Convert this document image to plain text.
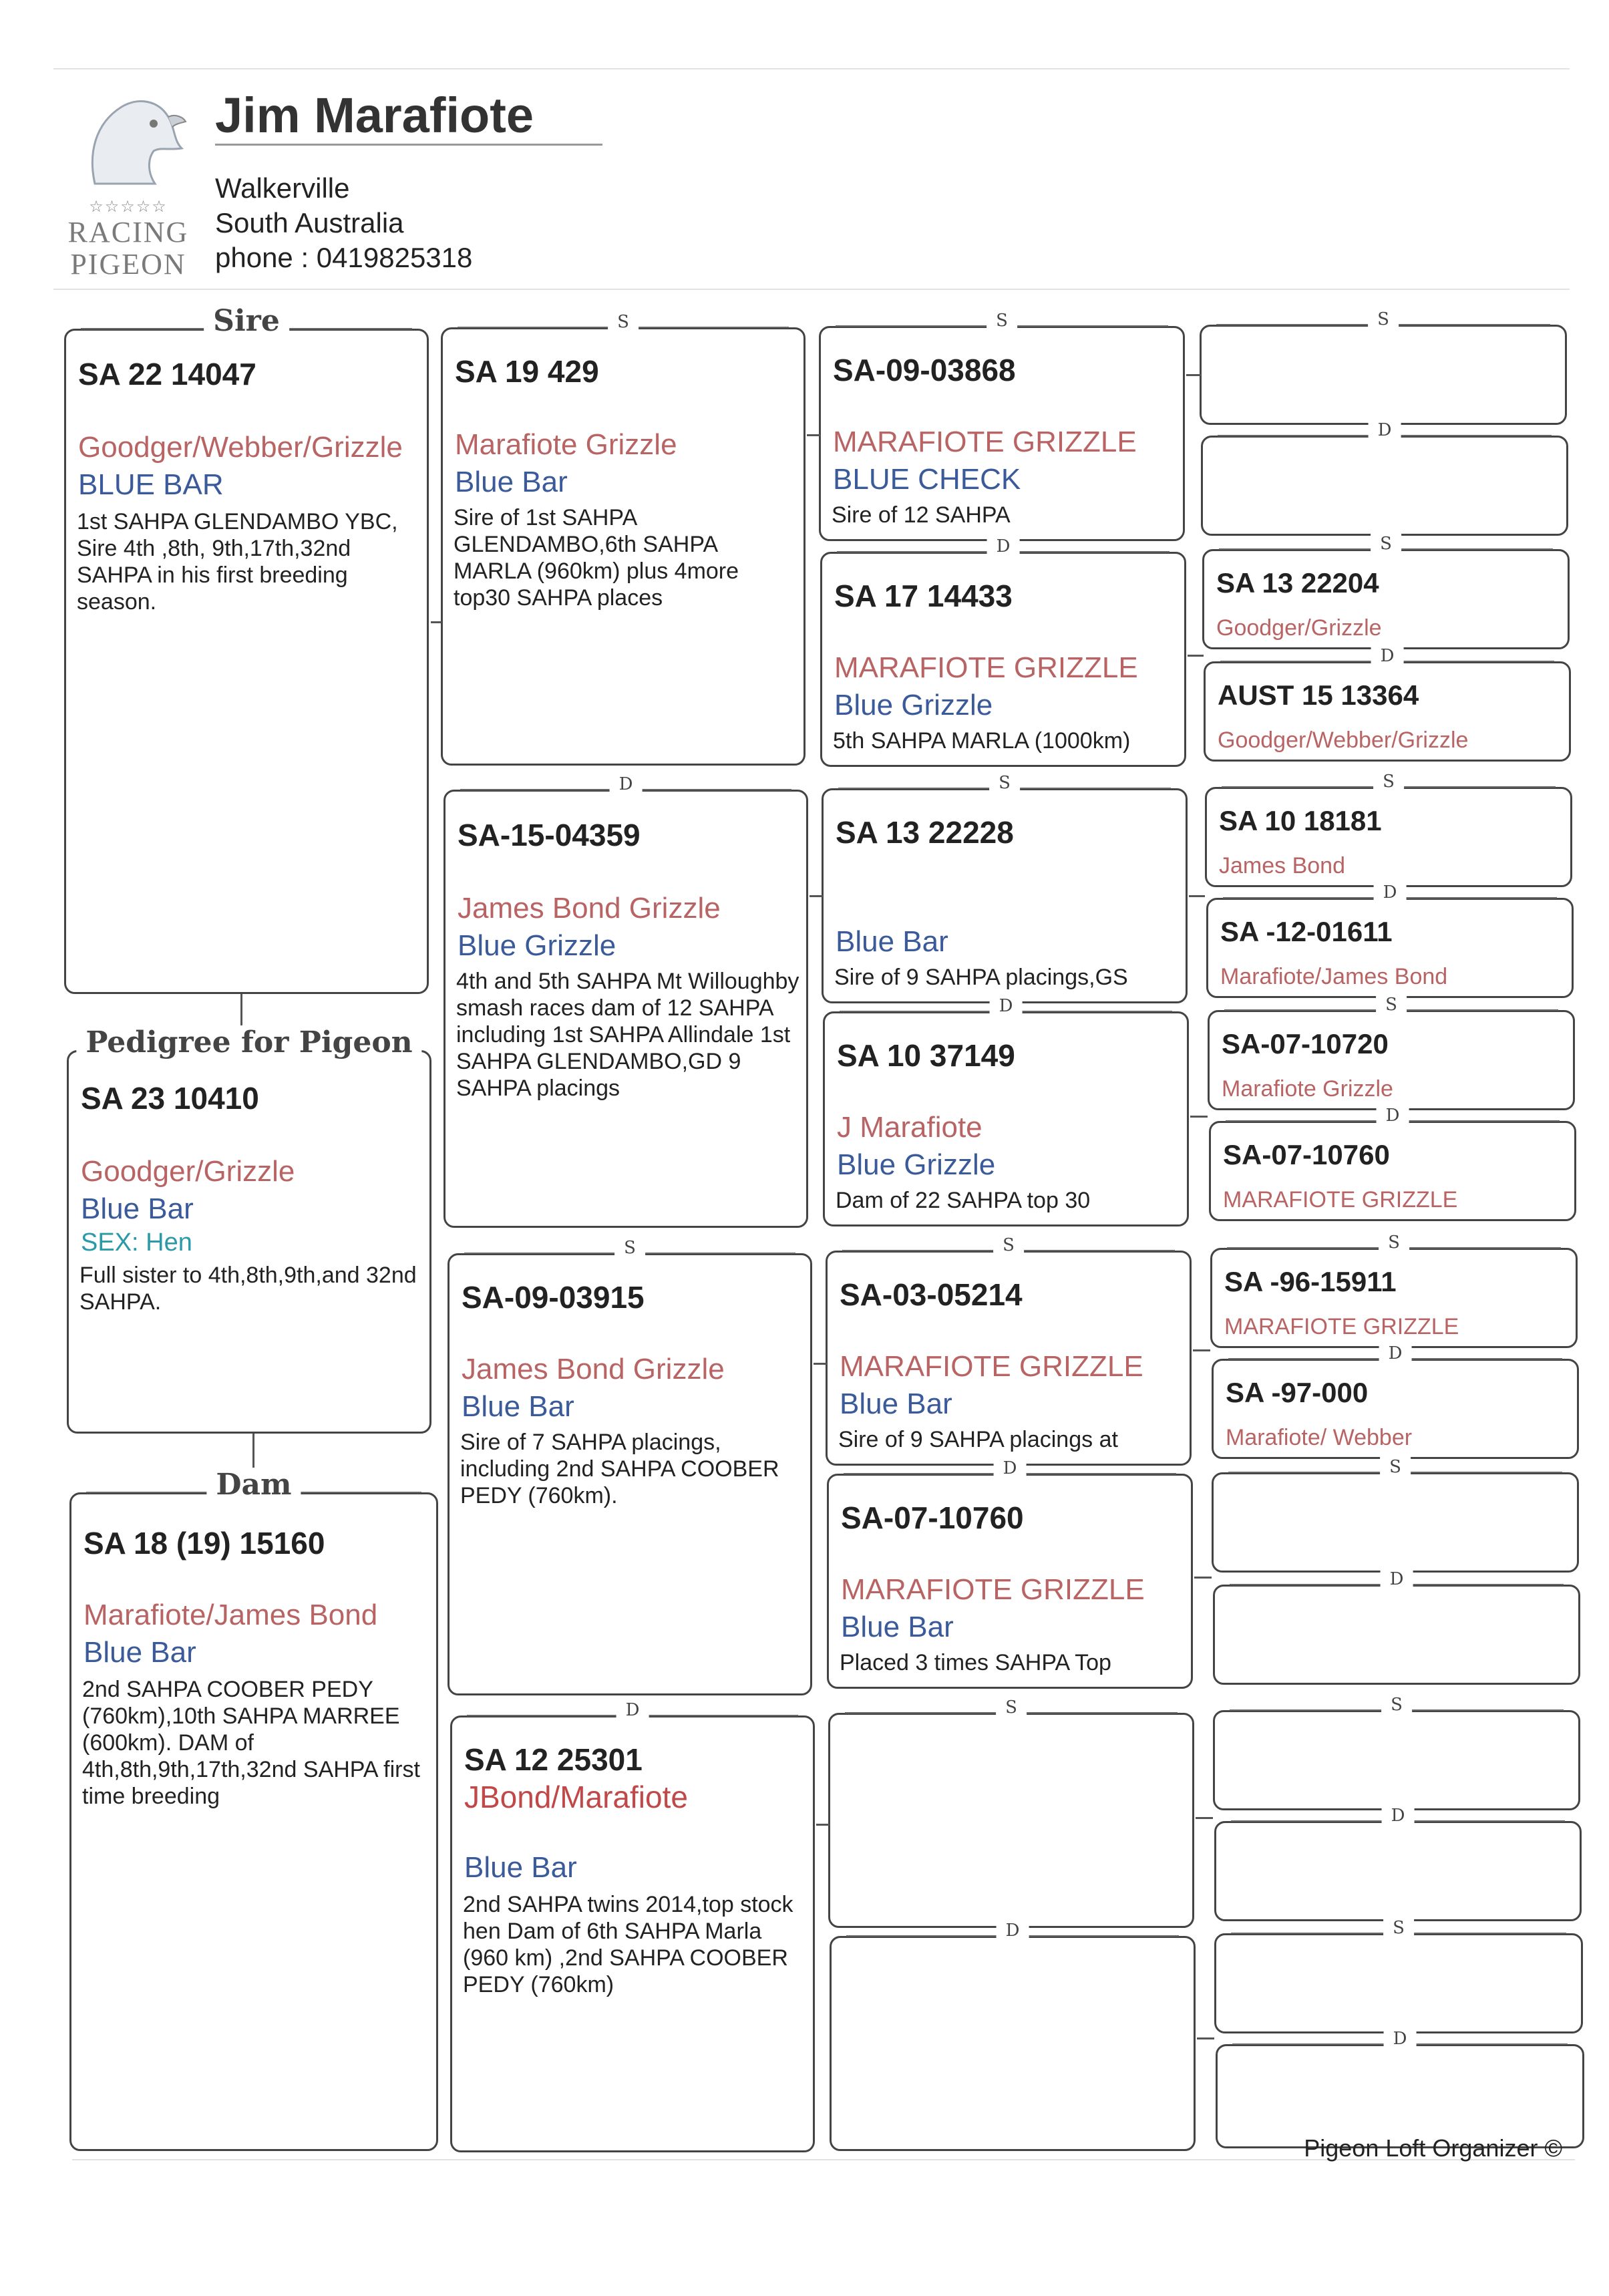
☆☆☆☆☆
RACING
PIGEON
Jim Marafiote
Walkerville
South Australia
phone : 0419825318
Sire
SA 22 14047
Goodger/Webber/Grizzle
BLUE BAR
1st SAHPA GLENDAMBO YBC, Sire 4th ,8th, 9th,17th,32nd SAHPA in his first breeding season.
Pedigree for Pigeon
SA 23 10410
Goodger/Grizzle
Blue Bar
SEX: Hen
Full sister to 4th,8th,9th,and 32nd SAHPA.
Dam
SA 18 (19) 15160
Marafiote/James Bond
Blue Bar
2nd SAHPA COOBER PEDY (760km),10th SAHPA MARREE (600km). DAM of 4th,8th,9th,17th,32nd SAHPA first time breeding
S
SA 19 429
Marafiote Grizzle
Blue Bar
Sire of 1st SAHPA GLENDAMBO,6th SAHPA MARLA (960km) plus 4more top30 SAHPA places
D
SA-15-04359
James Bond Grizzle
Blue Grizzle
4th and 5th SAHPA Mt Willoughby smash races dam of 12 SAHPA including 1st SAHPA Allindale 1st SAHPA GLENDAMBO,GD 9 SAHPA placings
S
SA-09-03915
James Bond Grizzle
Blue Bar
Sire of 7 SAHPA placings, including 2nd SAHPA COOBER PEDY (760km).
D
SA 12 25301
JBond/Marafiote
Blue Bar
2nd SAHPA twins 2014,top stock hen Dam of 6th SAHPA Marla (960 km) ,2nd SAHPA COOBER PEDY (760km)
S
SA-09-03868
MARAFIOTE GRIZZLE
BLUE CHECK
Sire of 12 SAHPA
D
SA 17 14433
MARAFIOTE GRIZZLE
Blue Grizzle
5th SAHPA MARLA (1000km)
S
SA 13 22228
Blue Bar
Sire of 9 SAHPA placings,GS
D
SA 10 37149
J Marafiote
Blue Grizzle
Dam of 22 SAHPA top 30
S
SA-03-05214
MARAFIOTE GRIZZLE
Blue Bar
Sire of 9 SAHPA placings at
D
SA-07-10760
MARAFIOTE GRIZZLE
Blue Bar
Placed 3 times SAHPA Top
S
D
S
D
S
SA 13 22204
Goodger/Grizzle
D
AUST 15 13364
Goodger/Webber/Grizzle
S
SA 10 18181
James Bond
D
SA -12-01611
Marafiote/James Bond
S
SA-07-10720
Marafiote Grizzle
D
SA-07-10760
MARAFIOTE GRIZZLE
S
SA -96-15911
MARAFIOTE GRIZZLE
D
SA -97-000
Marafiote/ Webber
S
D
S
D
S
D
Pigeon Loft Organizer ©
